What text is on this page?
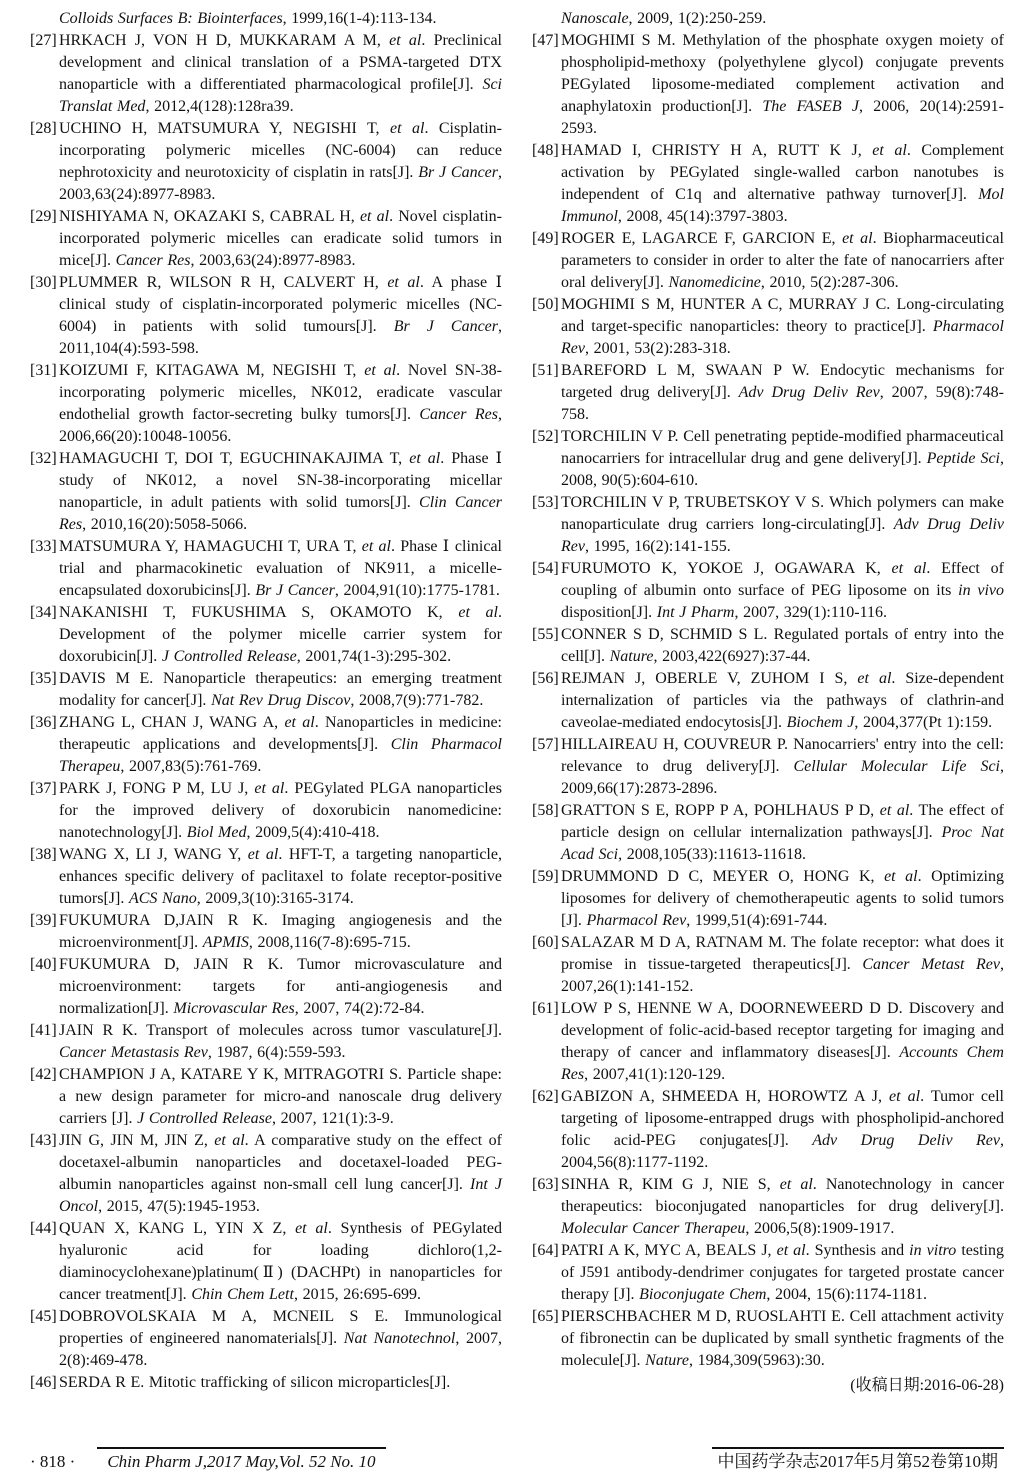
Colloids Surfaces B: Biointerfaces, 1999,16(1-4):113-134.
[27] HRKACH J, VON H D, MUKKARAM A M, et al. Preclinical development and clinical translation of a PSMA-targeted DTX nanoparticle with a differentiated pharmacological profile[J]. Sci Translat Med, 2012,4(128):128ra39.
[28] UCHINO H, MATSUMURA Y, NEGISHI T, et al. Cisplatin-incorporating polymeric micelles (NC-6004) can reduce nephrotoxicity and neurotoxicity of cisplatin in rats[J]. Br J Cancer, 2003,63(24):8977-8983.
[29] NISHIYAMA N, OKAZAKI S, CABRAL H, et al. Novel cisplatin-incorporated polymeric micelles can eradicate solid tumors in mice[J]. Cancer Res, 2003,63(24):8977-8983.
[30] PLUMMER R, WILSON R H, CALVERT H, et al. A phase Ⅰ clinical study of cisplatin-incorporated polymeric micelles (NC-6004) in patients with solid tumours[J]. Br J Cancer, 2011,104(4):593-598.
[31] KOIZUMI F, KITAGAWA M, NEGISHI T, et al. Novel SN-38-incorporating polymeric micelles, NK012, eradicate vascular endothelial growth factor-secreting bulky tumors[J]. Cancer Res, 2006,66(20):10048-10056.
[32] HAMAGUCHI T, DOI T, EGUCHINAKAJIMA T, et al. Phase Ⅰ study of NK012, a novel SN-38-incorporating micellar nanoparticle, in adult patients with solid tumors[J]. Clin Cancer Res, 2010,16(20):5058-5066.
[33] MATSUMURA Y, HAMAGUCHI T, URA T, et al. Phase Ⅰ clinical trial and pharmacokinetic evaluation of NK911, a micelle-encapsulated doxorubicins[J]. Br J Cancer, 2004,91(10):1775-1781.
[34] NAKANISHI T, FUKUSHIMA S, OKAMOTO K, et al. Development of the polymer micelle carrier system for doxorubicin[J]. J Controlled Release, 2001,74(1-3):295-302.
[35] DAVIS M E. Nanoparticle therapeutics: an emerging treatment modality for cancer[J]. Nat Rev Drug Discov, 2008,7(9):771-782.
[36] ZHANG L, CHAN J, WANG A, et al. Nanoparticles in medicine: therapeutic applications and developments[J]. Clin Pharmacol Therapeu, 2007,83(5):761-769.
[37] PARK J, FONG P M, LU J, et al. PEGylated PLGA nanoparticles for the improved delivery of doxorubicin nanomedicine: nanotechnology[J]. Biol Med, 2009,5(4):410-418.
[38] WANG X, LI J, WANG Y, et al. HFT-T, a targeting nanoparticle, enhances specific delivery of paclitaxel to folate receptor-positive tumors[J]. ACS Nano, 2009,3(10):3165-3174.
[39] FUKUMURA D,JAIN R K. Imaging angiogenesis and the microenvironment[J]. APMIS, 2008,116(7-8):695-715.
[40] FUKUMURA D, JAIN R K. Tumor microvasculature and microenvironment: targets for anti-angiogenesis and normalization[J]. Microvascular Res, 2007, 74(2):72-84.
[41] JAIN R K. Transport of molecules across tumor vasculature[J]. Cancer Metastasis Rev, 1987, 6(4):559-593.
[42] CHAMPION J A, KATARE Y K, MITRAGOTRI S. Particle shape: a new design parameter for micro-and nanoscale drug delivery carriers [J]. J Controlled Release, 2007, 121(1):3-9.
[43] JIN G, JIN M, JIN Z, et al. A comparative study on the effect of docetaxel-albumin nanoparticles and docetaxel-loaded PEG-albumin nanoparticles against non-small cell lung cancer[J]. Int J Oncol, 2015, 47(5):1945-1953.
[44] QUAN X, KANG L, YIN X Z, et al. Synthesis of PEGylated hyaluronic acid for loading dichloro(1,2-diaminocyclohexane)platinum(Ⅱ) (DACHPt) in nanoparticles for cancer treatment[J]. Chin Chem Lett, 2015, 26:695-699.
[45] DOBROVOLSKAIA M A, MCNEIL S E. Immunological properties of engineered nanomaterials[J]. Nat Nanotechnol, 2007, 2(8):469-478.
[46] SERDA R E. Mitotic trafficking of silicon microparticles[J].
Nanoscale, 2009, 1(2):250-259.
[47] MOGHIMI S M. Methylation of the phosphate oxygen moiety of phospholipid-methoxy (polyethylene glycol) conjugate prevents PEGylated liposome-mediated complement activation and anaphylatoxin production[J]. The FASEB J, 2006, 20(14):2591-2593.
[48] HAMAD I, CHRISTY H A, RUTT K J, et al. Complement activation by PEGylated single-walled carbon nanotubes is independent of C1q and alternative pathway turnover[J]. Mol Immunol, 2008, 45(14):3797-3803.
[49] ROGER E, LAGARCE F, GARCION E, et al. Biopharmaceutical parameters to consider in order to alter the fate of nanocarriers after oral delivery[J]. Nanomedicine, 2010, 5(2):287-306.
[50] MOGHIMI S M, HUNTER A C, MURRAY J C. Long-circulating and target-specific nanoparticles: theory to practice[J]. Pharmacol Rev, 2001, 53(2):283-318.
[51] BAREFORD L M, SWAAN P W. Endocytic mechanisms for targeted drug delivery[J]. Adv Drug Deliv Rev, 2007, 59(8):748-758.
[52] TORCHILIN V P. Cell penetrating peptide-modified pharmaceutical nanocarriers for intracellular drug and gene delivery[J]. Peptide Sci, 2008, 90(5):604-610.
[53] TORCHILIN V P, TRUBETSKOY V S. Which polymers can make nanoparticulate drug carriers long-circulating[J]. Adv Drug Deliv Rev, 1995, 16(2):141-155.
[54] FURUMOTO K, YOKOE J, OGAWARA K, et al. Effect of coupling of albumin onto surface of PEG liposome on its in vivo disposition[J]. Int J Pharm, 2007, 329(1):110-116.
[55] CONNER S D, SCHMID S L. Regulated portals of entry into the cell[J]. Nature, 2003,422(6927):37-44.
[56] REJMAN J, OBERLE V, ZUHOM I S, et al. Size-dependent internalization of particles via the pathways of clathrin-and caveolae-mediated endocytosis[J]. Biochem J, 2004,377(Pt 1):159.
[57] HILLAIREAU H, COUVREUR P. Nanocarriers' entry into the cell: relevance to drug delivery[J]. Cellular Molecular Life Sci, 2009,66(17):2873-2896.
[58] GRATTON S E, ROPP P A, POHLHAUS P D, et al. The effect of particle design on cellular internalization pathways[J]. Proc Nat Acad Sci, 2008,105(33):11613-11618.
[59] DRUMMOND D C, MEYER O, HONG K, et al. Optimizing liposomes for delivery of chemotherapeutic agents to solid tumors [J]. Pharmacol Rev, 1999,51(4):691-744.
[60] SALAZAR M D A, RATNAM M. The folate receptor: what does it promise in tissue-targeted therapeutics[J]. Cancer Metast Rev, 2007,26(1):141-152.
[61] LOW P S, HENNE W A, DOORNEWEERD D D. Discovery and development of folic-acid-based receptor targeting for imaging and therapy of cancer and inflammatory diseases[J]. Accounts Chem Res, 2007,41(1):120-129.
[62] GABIZON A, SHMEEDA H, HOROWTZ A J, et al. Tumor cell targeting of liposome-entrapped drugs with phospholipid-anchored folic acid-PEG conjugates[J]. Adv Drug Deliv Rev, 2004,56(8):1177-1192.
[63] SINHA R, KIM G J, NIE S, et al. Nanotechnology in cancer therapeutics: bioconjugated nanoparticles for drug delivery[J]. Molecular Cancer Therapeu, 2006,5(8):1909-1917.
[64] PATRI A K, MYC A, BEALS J, et al. Synthesis and in vitro testing of J591 antibody-dendrimer conjugates for targeted prostate cancer therapy [J]. Bioconjugate Chem, 2004, 15(6):1174-1181.
[65] PIERSCHBACHER M D, RUOSLAHTI E. Cell attachment activity of fibronectin can be duplicated by small synthetic fragments of the molecule[J]. Nature, 1984,309(5963):30.
(收稿日期:2016-06-28)
· 818 ·	Chin Pharm J,2017 May,Vol. 52 No. 10	中国药学杂志2017年5月第52卷第10期
